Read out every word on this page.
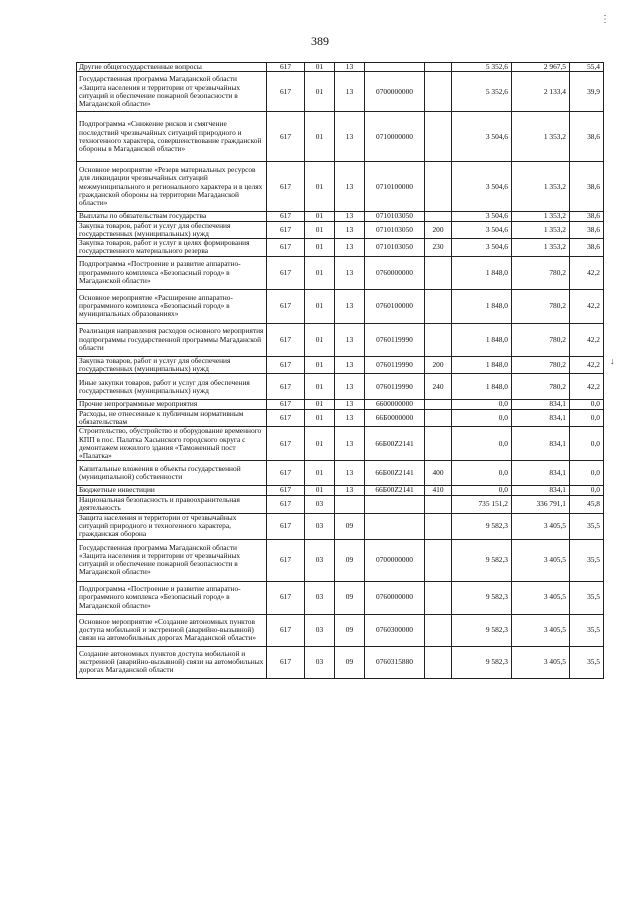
389
⋮
↓
Другие общегосударственные вопросы	617	01	13			5 352,6	2 967,5	55,4
Государственная программа Магаданской области «Защита населения и территории от чрезвычайных ситуаций и обеспечение пожарной безопасности в Магаданской области»	617	01	13	0700000000		5 352,6	2 133,4	39,9
Подпрограмма «Снижение рисков и смягчение последствий чрезвычайных ситуаций природного и техногенного характера, совершенствование гражданской обороны в Магаданской области»	617	01	13	0710000000		3 504,6	1 353,2	38,6
Основное мероприятие «Резерв материальных ресурсов для ликвидации чрезвычайных ситуаций межмуниципального и регионального характера и в целях гражданской обороны на территории Магаданской области»	617	01	13	0710100000		3 504,6	1 353,2	38,6
Выплаты по обязательствам государства	617	01	13	0710103050		3 504,6	1 353,2	38,6
Закупка товаров, работ и услуг для обеспечения государственных (муниципальных) нужд	617	01	13	0710103050	200	3 504,6	1 353,2	38,6
Закупка товаров, работ и услуг в целях формирования государственного материального резерва	617	01	13	0710103050	230	3 504,6	1 353,2	38,6
Подпрограмма «Построение и развитие аппаратно-программного комплекса «Безопасный город» в Магаданской области»	617	01	13	0760000000		1 848,0	780,2	42,2
Основное мероприятие «Расширение аппаратно-программного комплекса «Безопасный город» в муниципальных образованиях»	617	01	13	0760100000		1 848,0	780,2	42,2
Реализация направления расходов основного мероприятия подпрограммы государственной программы Магаданской области	617	01	13	0760119990		1 848,0	780,2	42,2
Закупка товаров, работ и услуг для обеспечения государственных (муниципальных) нужд	617	01	13	0760119990	200	1 848,0	780,2	42,2
Иные закупки товаров, работ и услуг для обеспечения государственных (муниципальных) нужд	617	01	13	0760119990	240	1 848,0	780,2	42,2
Прочие непрограммные мероприятия	617	01	13	6600000000		0,0	834,1	0,0
Расходы, не отнесенные к публичным нормативным обязательствам	617	01	13	66Б0000000		0,0	834,1	0,0
Строительство, обустройство и оборудование временного КПП в пос. Палатка Хасынского городского округа с демонтажем нежилого здания «Таможенный пост «Палатка»	617	01	13	66Б00Z2141		0,0	834,1	0,0
Капитальные вложения в объекты государственной (муниципальной) собственности	617	01	13	66Б00Z2141	400	0,0	834,1	0,0
Бюджетные инвестиции	617	01	13	66Б00Z2141	410	0,0	834,1	0,0
Национальная безопасность и правоохранительная деятельность	617	03				735 151,2	336 791,1	45,8
Защита населения и территории от чрезвычайных ситуаций природного и техногенного характера, гражданская оборона	617	03	09			9 582,3	3 405,5	35,5
Государственная программа Магаданской области «Защита населения и территории от чрезвычайных ситуаций и обеспечение пожарной безопасности в Магаданской области»	617	03	09	0700000000		9 582,3	3 405,5	35,5
Подпрограмма «Построение и развитие аппаратно-программного комплекса «Безопасный город» в Магаданской области»	617	03	09	0760000000		9 582,3	3 405,5	35,5
Основное мероприятие «Создание автономных пунктов доступа мобильной и экстренной (аварийно-вызывной) связи на автомобильных дорогах Магаданской области»	617	03	09	0760300000		9 582,3	3 405,5	35,5
Создание автономных пунктов доступа мобильной и экстренной (аварийно-вызывной) связи на автомобильных дорогах Магаданской области	617	03	09	0760315880		9 582,3	3 405,5	35,5
